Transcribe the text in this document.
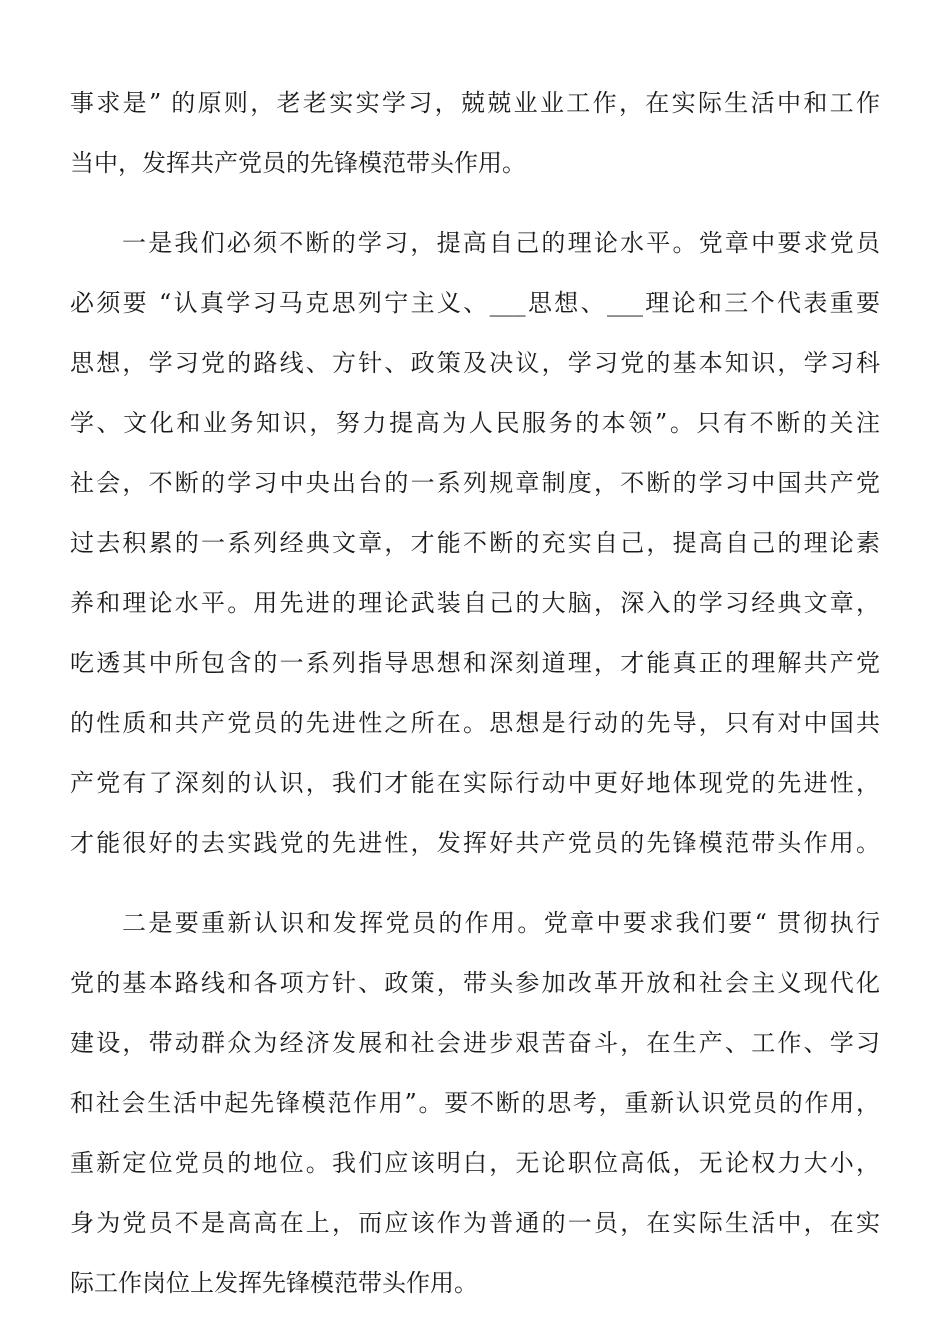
事求是” 的原则，老老实实学习，兢兢业业工作，在实际生活中和工作
当中，发挥共产党员的先锋模范带头作用。
一是我们必须不断的学习，提高自己的理论水平。党章中要求党员
必须要 “认真学习马克思列宁主义、___思想、___理论和三个代表重要
思想，学习党的路线、方针、政策及决议，学习党的基本知识，学习科
学、文化和业务知识，努力提高为人民服务的本领”。只有不断的关注
社会，不断的学习中央出台的一系列规章制度，不断的学习中国共产党
过去积累的一系列经典文章，才能不断的充实自己，提高自己的理论素
养和理论水平。用先进的理论武装自己的大脑，深入的学习经典文章，
吃透其中所包含的一系列指导思想和深刻道理，才能真正的理解共产党
的性质和共产党员的先进性之所在。思想是行动的先导，只有对中国共
产党有了深刻的认识，我们才能在实际行动中更好地体现党的先进性，
才能很好的去实践党的先进性，发挥好共产党员的先锋模范带头作用。
二是要重新认识和发挥党员的作用。党章中要求我们要“ 贯彻执行
党的基本路线和各项方针、政策，带头参加改革开放和社会主义现代化
建设，带动群众为经济发展和社会进步艰苦奋斗，在生产、工作、学习
和社会生活中起先锋模范作用”。要不断的思考，重新认识党员的作用，
重新定位党员的地位。我们应该明白，无论职位高低，无论权力大小，
身为党员不是高高在上，而应该作为普通的一员，在实际生活中，在实
际工作岗位上发挥先锋模范带头作用。
